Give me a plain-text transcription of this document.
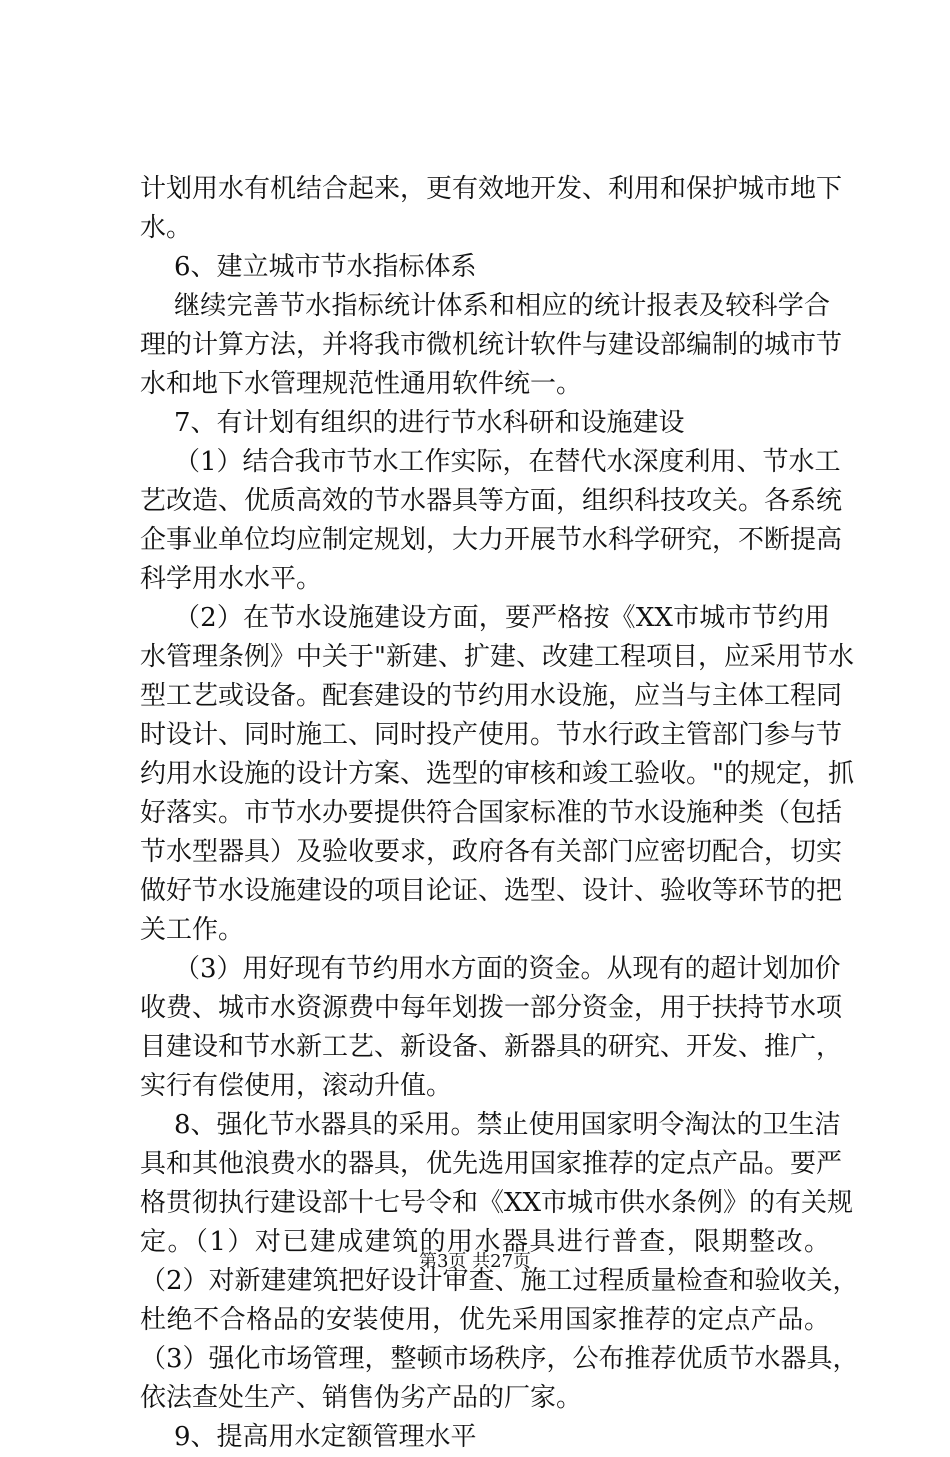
计划用水有机结合起来，更有效地开发、利用和保护城市地下
水。
6、建立城市节水指标体系
继续完善节水指标统计体系和相应的统计报表及较科学合
理的计算方法，并将我市微机统计软件与建设部编制的城市节
水和地下水管理规范性通用软件统一。
7、有计划有组织的进行节水科研和设施建设
（1）结合我市节水工作实际，在替代水深度利用、节水工
艺改造、优质高效的节水器具等方面，组织科技攻关。各系统
企事业单位均应制定规划，大力开展节水科学研究，不断提高
科学用水水平。
（2）在节水设施建设方面，要严格按《XX市城市节约用
水管理条例》中关于"新建、扩建、改建工程项目，应采用节水
型工艺或设备。配套建设的节约用水设施，应当与主体工程同
时设计、同时施工、同时投产使用。节水行政主管部门参与节
约用水设施的设计方案、选型的审核和竣工验收。"的规定，抓
好落实。市节水办要提供符合国家标准的节水设施种类（包括
节水型器具）及验收要求，政府各有关部门应密切配合，切实
做好节水设施建设的项目论证、选型、设计、验收等环节的把
关工作。
（3）用好现有节约用水方面的资金。从现有的超计划加价
收费、城市水资源费中每年划拨一部分资金，用于扶持节水项
目建设和节水新工艺、新设备、新器具的研究、开发、推广，
实行有偿使用，滚动升值。
8、强化节水器具的采用。禁止使用国家明令淘汰的卫生洁
具和其他浪费水的器具，优先选用国家推荐的定点产品。要严
格贯彻执行建设部十七号令和《XX市城市供水条例》的有关规
定。（1）对已建成建筑的用水器具进行普查，限期整改。
（2）对新建建筑把好设计审查、施工过程质量检查和验收关，
杜绝不合格品的安装使用，优先采用国家推荐的定点产品。
（3）强化市场管理，整顿市场秩序，公布推荐优质节水器具，
依法查处生产、销售伪劣产品的厂家。
9、提高用水定额管理水平
第3页 共27页
